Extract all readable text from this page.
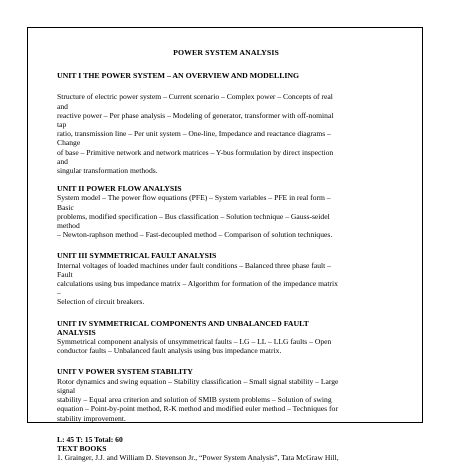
POWER SYSTEM ANALYSIS
UNIT I THE POWER SYSTEM – AN OVERVIEW AND MODELLING
Structure of electric power system – Current scenario – Complex power – Concepts of real
and
reactive power – Per phase analysis – Modeling of generator, transformer with off-nominal
tap
ratio, transmission line – Per unit system – One-line, Impedance and reactance diagrams –
Change
of base – Primitive network and network matrices – Y-bus formulation by direct inspection
and
singular transformation methods.
UNIT II POWER FLOW ANALYSIS
System model – The power flow equations (PFE) – System variables – PFE in real form –
Basic
problems, modified specification – Bus classification – Solution technique – Gauss-seidel
method
– Newton-raphson method – Fast-decoupled method – Comparison of solution techniques.
UNIT III SYMMETRICAL FAULT ANALYSIS
Internal voltages of loaded machines under fault conditions – Balanced three phase fault –
Fault
calculations using bus impedance matrix – Algorithm for formation of the impedance matrix
–
Selection of circuit breakers.
UNIT IV SYMMETRICAL COMPONENTS AND UNBALANCED FAULT
ANALYSIS
Symmetrical component analysis of unsymmetrical faults – LG – LL – LLG faults – Open
conductor faults – Unbalanced fault analysis using bus impedance matrix.
UNIT V POWER SYSTEM STABILITY
Rotor dynamics and swing equation – Stability classification – Small signal stability – Large
signal
stability – Equal area criterion and solution of SMIB system problems – Solution of swing
equation – Point-by-point method, R-K method and modified euler method – Techniques for
stability improvement.
L: 45 T: 15 Total: 60
TEXT BOOKS
1. Grainger, J.J. and William D. Stevenson Jr., “Power System Analysis”, Tata McGraw Hill,
